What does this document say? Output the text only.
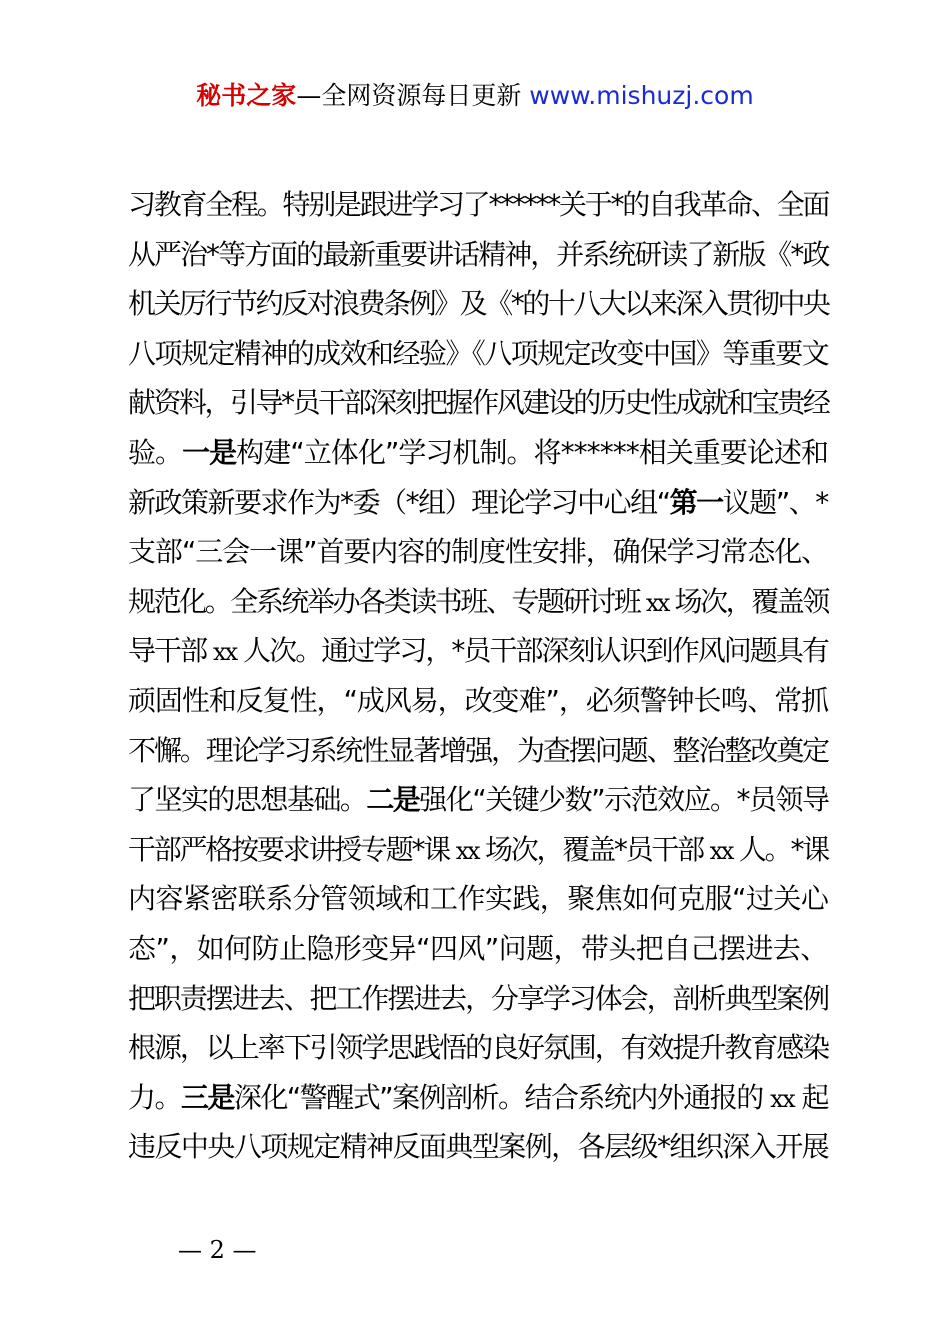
秘书之家—全网资源每日更新 www.mishuzj.com
习教育全程。特别是跟进学习了******关于*的自我革命、全面
从严治*等方面的最新重要讲话精神，并系统研读了新版《*政
机关厉行节约反对浪费条例》及《*的十八大以来深入贯彻中央
八项规定精神的成效和经验》《八项规定改变中国》等重要文
献资料，引导*员干部深刻把握作风建设的历史性成就和宝贵经
验。一是构建“立体化”学习机制。将******相关重要论述和
新政策新要求作为*委（*组）理论学习中心组“第一议题”、*
支部“三会一课”首要内容的制度性安排，确保学习常态化、
规范化。全系统举办各类读书班、专题研讨班 xx 场次，覆盖领
导干部 xx 人次。通过学习，*员干部深刻认识到作风问题具有
顽固性和反复性，“成风易，改变难”，必须警钟长鸣、常抓
不懈。理论学习系统性显著增强，为查摆问题、整治整改奠定
了坚实的思想基础。二是强化“关键少数”示范效应。*员领导
干部严格按要求讲授专题*课 xx 场次，覆盖*员干部 xx 人。*课
内容紧密联系分管领域和工作实践，聚焦如何克服“过关心
态”，如何防止隐形变异“四风”问题，带头把自己摆进去、
把职责摆进去、把工作摆进去，分享学习体会，剖析典型案例
根源，以上率下引领学思践悟的良好氛围，有效提升教育感染
力。三是深化“警醒式”案例剖析。结合系统内外通报的 xx 起
违反中央八项规定精神反面典型案例，各层级*组织深入开展
— 2 —
